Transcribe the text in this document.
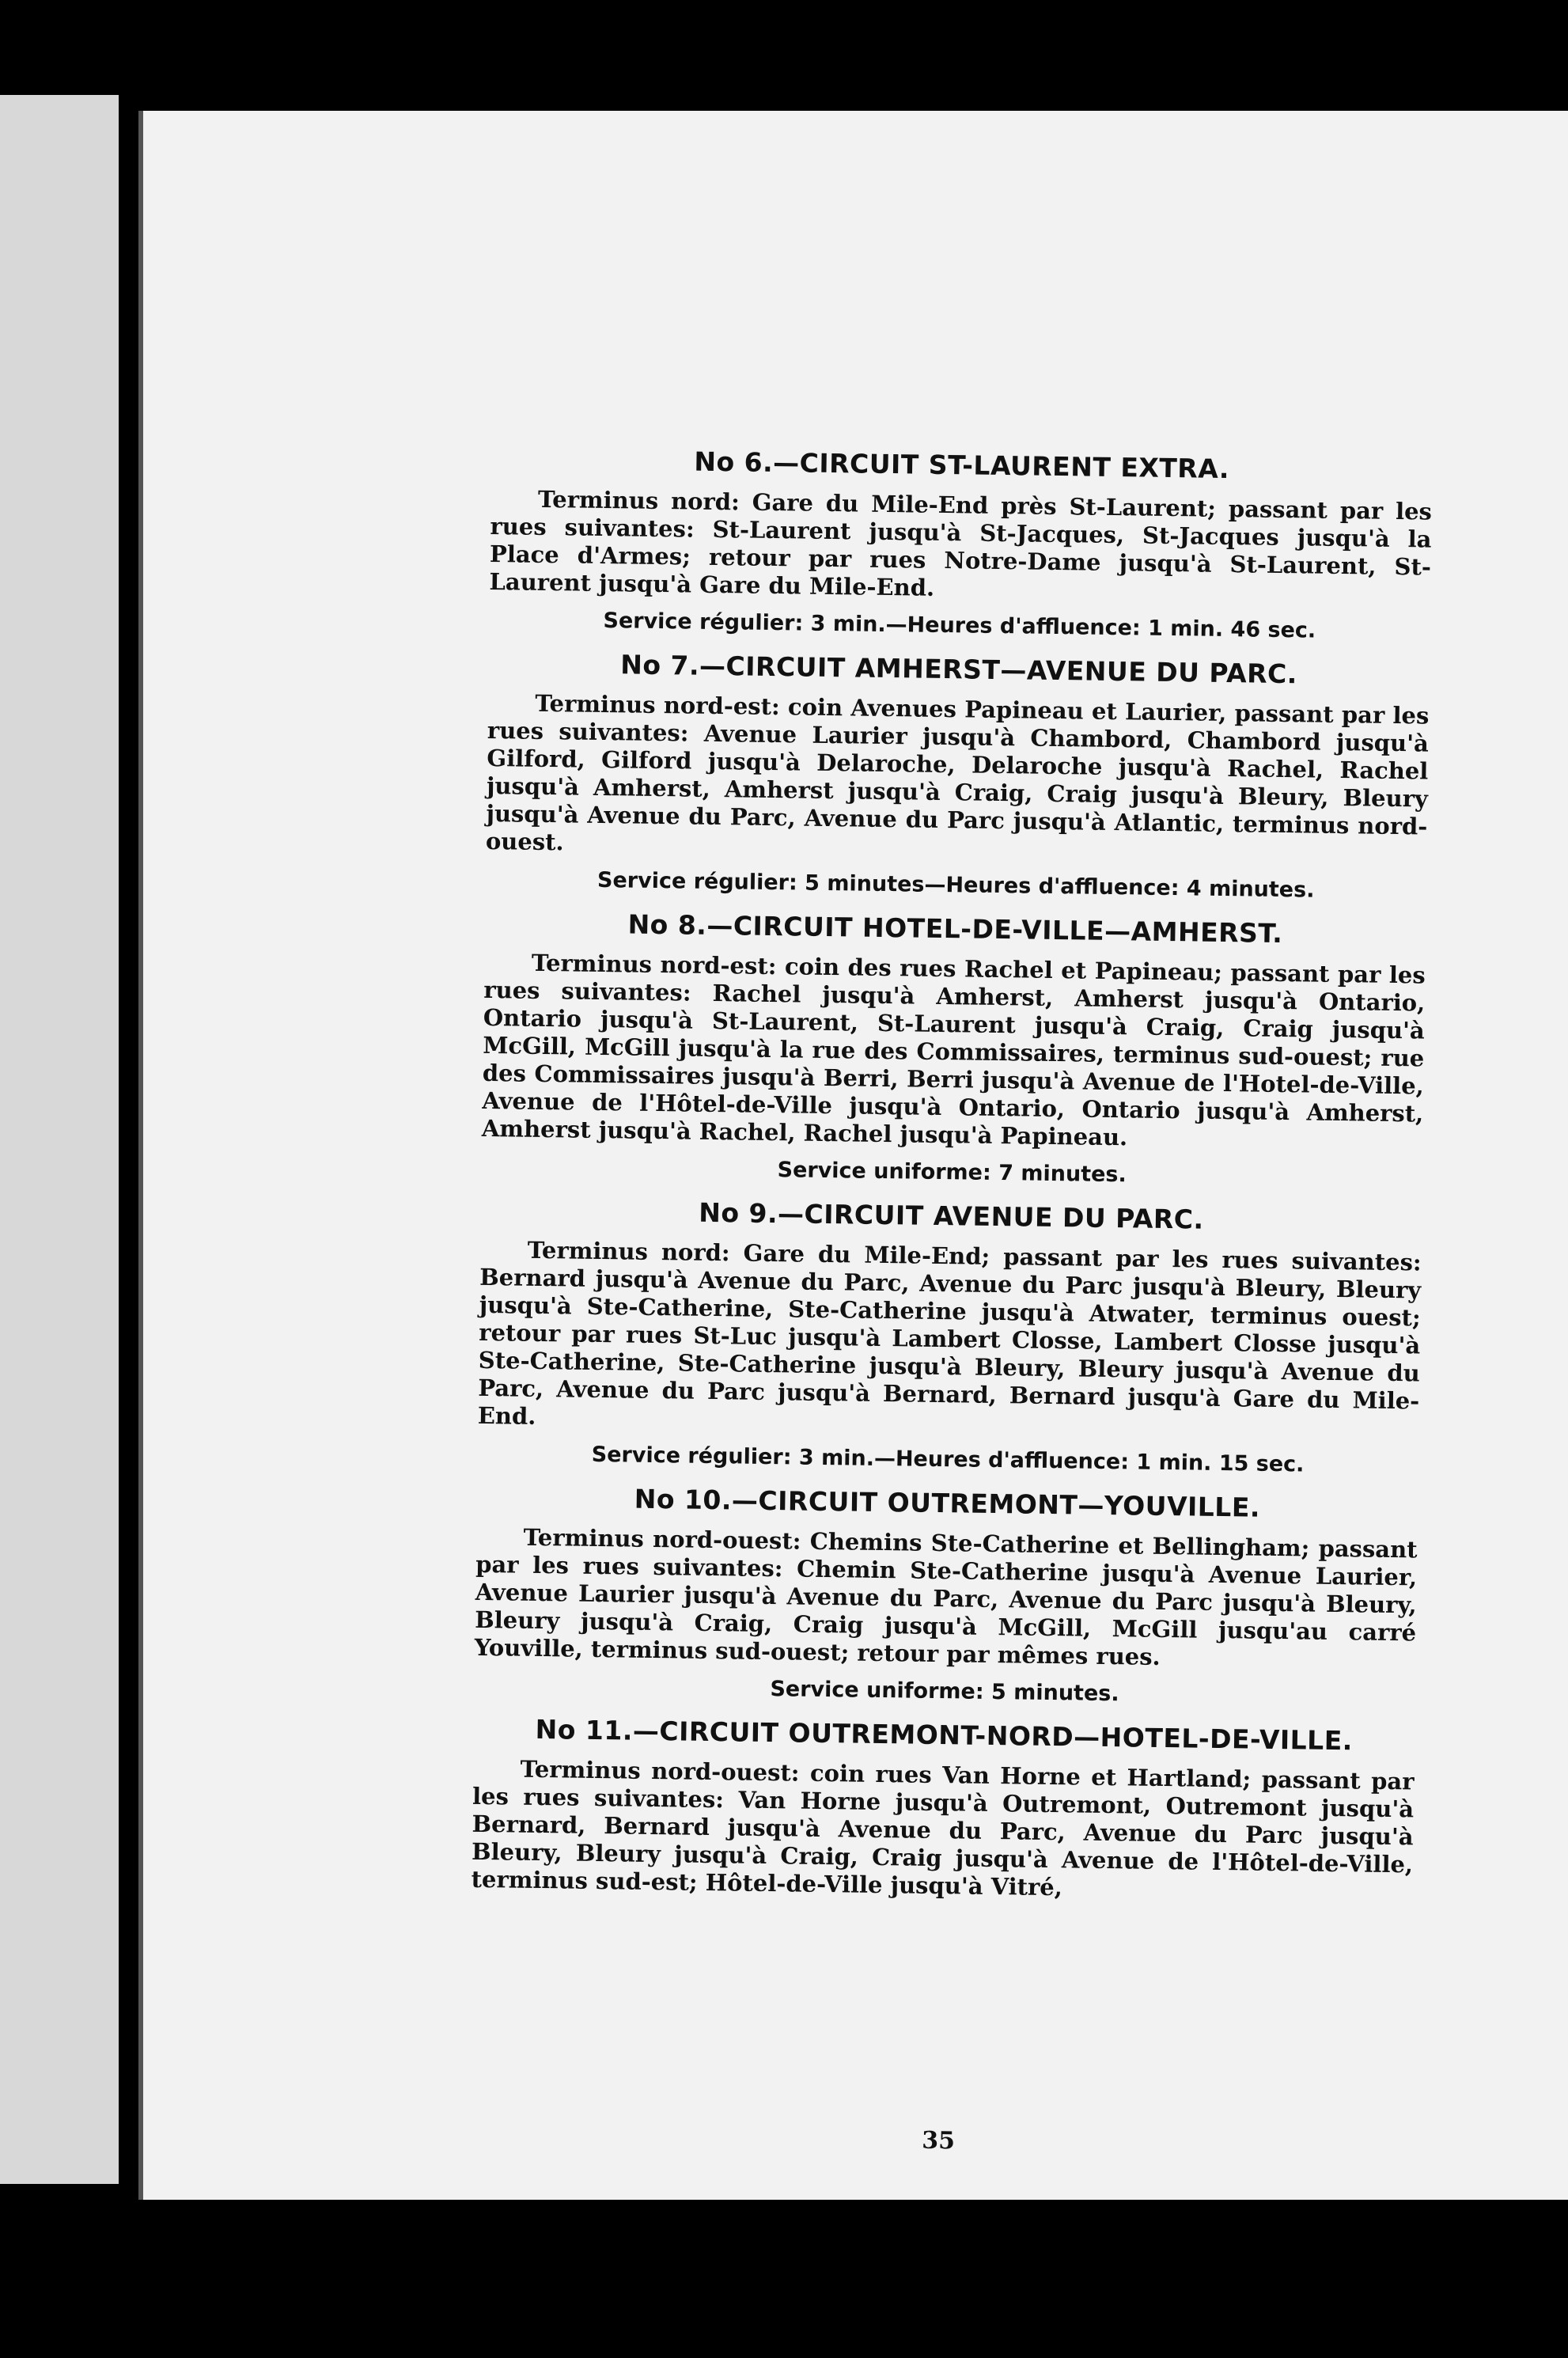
No 6.—CIRCUIT ST-LAURENT EXTRA.
Terminus nord: Gare du Mile-End près St-Laurent; passant par les rues suivantes: St-Laurent jusqu'à St-Jacques, St-Jacques jusqu'à la Place d'Armes; retour par rues Notre-Dame jusqu'à St-Laurent, St-Laurent jusqu'à Gare du Mile-End.
Service régulier: 3 min.—Heures d'affluence: 1 min. 46 sec.
No 7.—CIRCUIT AMHERST—AVENUE DU PARC.
Terminus nord-est: coin Avenues Papineau et Laurier, passant par les rues suivantes: Avenue Laurier jusqu'à Chambord, Chambord jusqu'à Gilford, Gilford jusqu'à Delaroche, Delaroche jusqu'à Rachel, Rachel jusqu'à Amherst, Amherst jusqu'à Craig, Craig jusqu'à Bleury, Bleury jusqu'à Avenue du Parc, Avenue du Parc jusqu'à Atlantic, terminus nord-ouest.
Service régulier: 5 minutes—Heures d'affluence: 4 minutes.
No 8.—CIRCUIT HOTEL-DE-VILLE—AMHERST.
Terminus nord-est: coin des rues Rachel et Papineau; passant par les rues suivantes: Rachel jusqu'à Amherst, Amherst jusqu'à Ontario, Ontario jusqu'à St-Laurent, St-Laurent jusqu'à Craig, Craig jusqu'à McGill, McGill jusqu'à la rue des Commissaires, terminus sud-ouest; rue des Commissaires jusqu'à Berri, Berri jusqu'à Avenue de l'Hotel-de-Ville, Avenue de l'Hôtel-de-Ville jusqu'à Ontario, Ontario jusqu'à Amherst, Amherst jusqu'à Rachel, Rachel jusqu'à Papineau.
Service uniforme: 7 minutes.
No 9.—CIRCUIT AVENUE DU PARC.
Terminus nord: Gare du Mile-End; passant par les rues suivantes: Bernard jusqu'à Avenue du Parc, Avenue du Parc jusqu'à Bleury, Bleury jusqu'à Ste-Catherine, Ste-Catherine jusqu'à Atwater, terminus ouest; retour par rues St-Luc jusqu'à Lambert Closse, Lambert Closse jusqu'à Ste-Catherine, Ste-Catherine jusqu'à Bleury, Bleury jusqu'à Avenue du Parc, Avenue du Parc jusqu'à Bernard, Bernard jusqu'à Gare du Mile-End.
Service régulier: 3 min.—Heures d'affluence: 1 min. 15 sec.
No 10.—CIRCUIT OUTREMONT—YOUVILLE.
Terminus nord-ouest: Chemins Ste-Catherine et Bellingham; passant par les rues suivantes: Chemin Ste-Catherine jusqu'à Avenue Laurier, Avenue Laurier jusqu'à Avenue du Parc, Avenue du Parc jusqu'à Bleury, Bleury jusqu'à Craig, Craig jusqu'à McGill, McGill jusqu'au carré Youville, terminus sud-ouest; retour par mêmes rues.
Service uniforme: 5 minutes.
No 11.—CIRCUIT OUTREMONT-NORD—HOTEL-DE-VILLE.
Terminus nord-ouest: coin rues Van Horne et Hartland; passant par les rues suivantes: Van Horne jusqu'à Outremont, Outremont jusqu'à Bernard, Bernard jusqu'à Avenue du Parc, Avenue du Parc jusqu'à Bleury, Bleury jusqu'à Craig, Craig jusqu'à Avenue de l'Hôtel-de-Ville, terminus sud-est; Hôtel-de-Ville jusqu'à Vitré,
35
